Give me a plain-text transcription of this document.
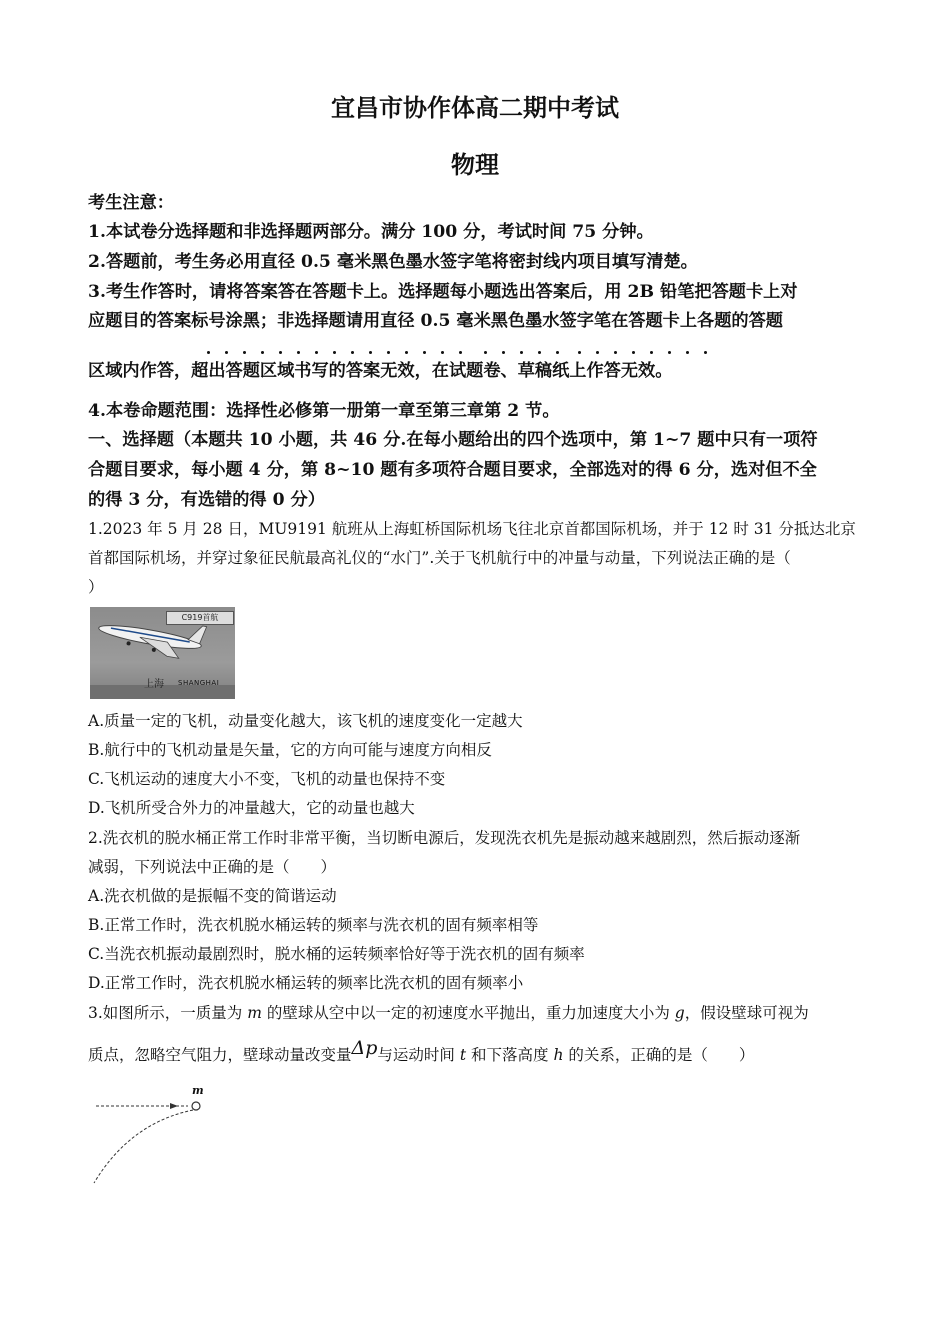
宜昌市协作体高二期中考试
物理
考生注意：
1.本试卷分选择题和非选择题两部分。满分 100 分，考试时间 75 分钟。
2.答题前，考生务必用直径 0.5 毫米黑色墨水签字笔将密封线内项目填写清楚。
3.考生作答时，请将答案答在答题卡上。选择题每小题选出答案后，用 2B 铅笔把答题卡上对
应题目的答案标号涂黑；非选择题请用直径 0.5 毫米黑色墨水签字笔在答题卡上各题的答题
区域内作答，超出答题区域书写的答案无效，在试题卷、草稿纸上作答无效。
4.本卷命题范围：选择性必修第一册第一章至第三章第 2 节。
一、选择题（本题共 10 小题，共 46 分.在每小题给出的四个选项中，第 1~7 题中只有一项符
合题目要求，每小题 4 分，第 8~10 题有多项符合题目要求，全部选对的得 6 分，选对但不全
的得 3 分，有选错的得 0 分）
1.2023 年 5 月 28 日，MU9191 航班从上海虹桥国际机场飞往北京首都国际机场，并于 12 时 31 分抵达北京
首都国际机场，并穿过象征民航最高礼仪的“水门”.关于飞机航行中的冲量与动量，下列说法正确的是（
）
C919首航
上海 SHANGHAI
A.质量一定的飞机，动量变化越大，该飞机的速度变化一定越大
B.航行中的飞机动量是矢量，它的方向可能与速度方向相反
C.飞机运动的速度大小不变，飞机的动量也保持不变
D.飞机所受合外力的冲量越大，它的动量也越大
2.洗衣机的脱水桶正常工作时非常平衡，当切断电源后，发现洗衣机先是振动越来越剧烈，然后振动逐渐
减弱，下列说法中正确的是（　　）
A.洗衣机做的是振幅不变的简谐运动
B.正常工作时，洗衣机脱水桶运转的频率与洗衣机的固有频率相等
C.当洗衣机振动最剧烈时，脱水桶的运转频率恰好等于洗衣机的固有频率
D.正常工作时，洗衣机脱水桶运转的频率比洗衣机的固有频率小
3.如图所示，一质量为 m 的壁球从空中以一定的初速度水平抛出，重力加速度大小为 g，假设壁球可视为
质点，忽略空气阻力，壁球动量改变量Δp与运动时间 t 和下落高度 h 的关系，正确的是（　　）
m
